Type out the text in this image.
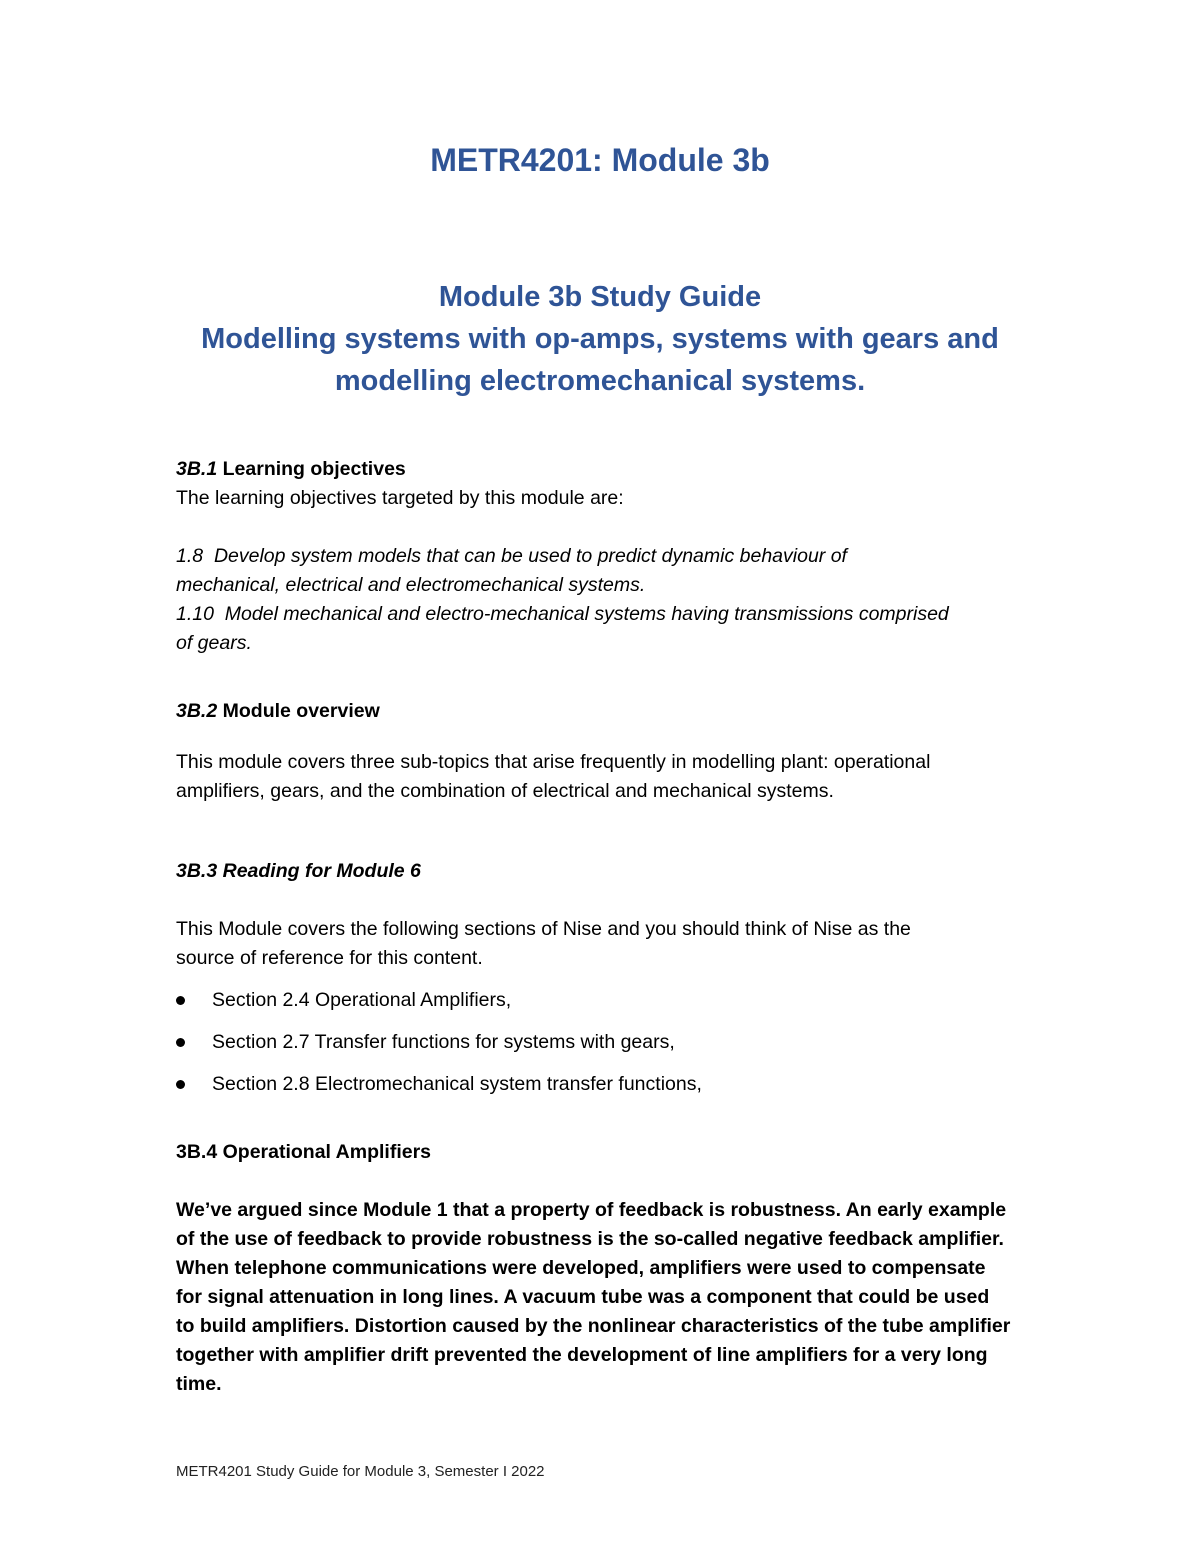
METR4201: Module 3b
Module 3b Study Guide
Modelling systems with op-amps, systems with gears and
modelling electromechanical systems.
3B.1 Learning objectives
The learning objectives targeted by this module are:
1.8 Develop system models that can be used to predict dynamic behaviour of
mechanical, electrical and electromechanical systems.
1.10 Model mechanical and electro-mechanical systems having transmissions comprised
of gears.
3B.2 Module overview
This module covers three sub-topics that arise frequently in modelling plant: operational
amplifiers, gears, and the combination of electrical and mechanical systems.
3B.3 Reading for Module 6
This Module covers the following sections of Nise and you should think of Nise as the
source of reference for this content.
Section 2.4 Operational Amplifiers,
Section 2.7 Transfer functions for systems with gears,
Section 2.8 Electromechanical system transfer functions,
3B.4 Operational Amplifiers
We’ve argued since Module 1 that a property of feedback is robustness. An early example
of the use of feedback to provide robustness is the so-called negative feedback amplifier.
When telephone communications were developed, amplifiers were used to compensate
for signal attenuation in long lines. A vacuum tube was a component that could be used
to build amplifiers. Distortion caused by the nonlinear characteristics of the tube amplifier
together with amplifier drift prevented the development of line amplifiers for a very long
time.
METR4201 Study Guide for Module 3, Semester I 2022
